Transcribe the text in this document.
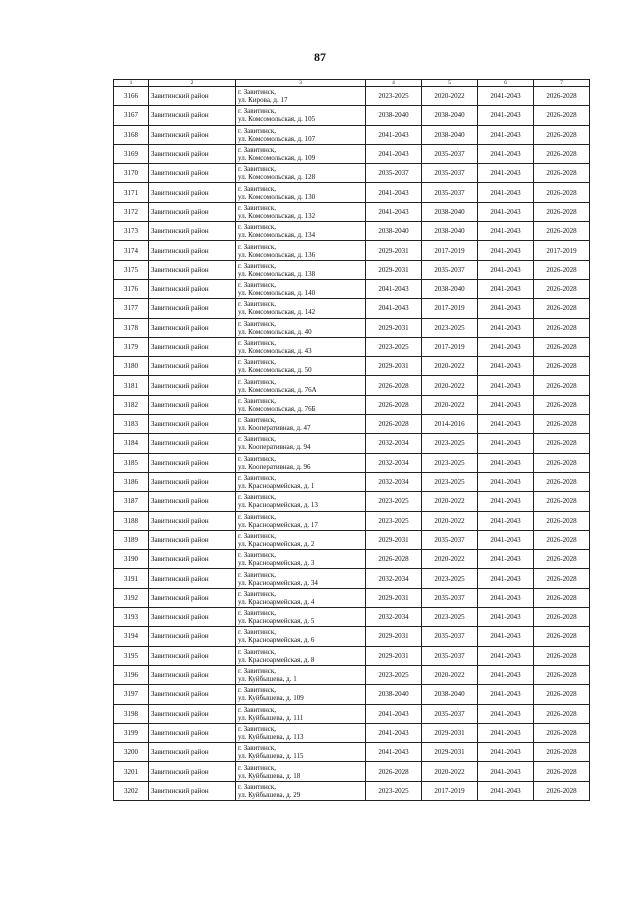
87
1	2	3	4	5	6	7
3166	Завитинский район	г. Завитинск,
ул. Кирова, д. 17	2023-2025	2020-2022	2041-2043	2026-2028
3167	Завитинский район	г. Завитинск,
ул. Комсомольская, д. 105	2038-2040	2038-2040	2041-2043	2026-2028
3168	Завитинский район	г. Завитинск,
ул. Комсомольская, д. 107	2041-2043	2038-2040	2041-2043	2026-2028
3169	Завитинский район	г. Завитинск,
ул. Комсомольская, д. 109	2041-2043	2035-2037	2041-2043	2026-2028
3170	Завитинский район	г. Завитинск,
ул. Комсомольская, д. 128	2035-2037	2035-2037	2041-2043	2026-2028
3171	Завитинский район	г. Завитинск,
ул. Комсомольская, д. 130	2041-2043	2035-2037	2041-2043	2026-2028
3172	Завитинский район	г. Завитинск,
ул. Комсомольская, д. 132	2041-2043	2038-2040	2041-2043	2026-2028
3173	Завитинский район	г. Завитинск,
ул. Комсомольская, д. 134	2038-2040	2038-2040	2041-2043	2026-2028
3174	Завитинский район	г. Завитинск,
ул. Комсомольская, д. 136	2029-2031	2017-2019	2041-2043	2017-2019
3175	Завитинский район	г. Завитинск,
ул. Комсомольская, д. 138	2029-2031	2035-2037	2041-2043	2026-2028
3176	Завитинский район	г. Завитинск,
ул. Комсомольская, д. 140	2041-2043	2038-2040	2041-2043	2026-2028
3177	Завитинский район	г. Завитинск,
ул. Комсомольская, д. 142	2041-2043	2017-2019	2041-2043	2026-2028
3178	Завитинский район	г. Завитинск,
ул. Комсомольская, д. 40	2029-2031	2023-2025	2041-2043	2026-2028
3179	Завитинский район	г. Завитинск,
ул. Комсомольская, д. 43	2023-2025	2017-2019	2041-2043	2026-2028
3180	Завитинский район	г. Завитинск,
ул. Комсомольская, д. 50	2029-2031	2020-2022	2041-2043	2026-2028
3181	Завитинский район	г. Завитинск,
ул. Комсомольская, д. 76А	2026-2028	2020-2022	2041-2043	2026-2028
3182	Завитинский район	г. Завитинск,
ул. Комсомольская, д. 76Б	2026-2028	2020-2022	2041-2043	2026-2028
3183	Завитинский район	г. Завитинск,
ул. Кооперативная, д. 47	2026-2028	2014-2016	2041-2043	2026-2028
3184	Завитинский район	г. Завитинск,
ул. Кооперативная, д. 94	2032-2034	2023-2025	2041-2043	2026-2028
3185	Завитинский район	г. Завитинск,
ул. Кооперативная, д. 96	2032-2034	2023-2025	2041-2043	2026-2028
3186	Завитинский район	г. Завитинск,
ул. Красноармейская, д. 1	2032-2034	2023-2025	2041-2043	2026-2028
3187	Завитинский район	г. Завитинск,
ул. Красноармейская, д. 13	2023-2025	2020-2022	2041-2043	2026-2028
3188	Завитинский район	г. Завитинск,
ул. Красноармейская, д. 17	2023-2025	2020-2022	2041-2043	2026-2028
3189	Завитинский район	г. Завитинск,
ул. Красноармейская, д. 2	2029-2031	2035-2037	2041-2043	2026-2028
3190	Завитинский район	г. Завитинск,
ул. Красноармейская, д. 3	2026-2028	2020-2022	2041-2043	2026-2028
3191	Завитинский район	г. Завитинск,
ул. Красноармейская, д. 34	2032-2034	2023-2025	2041-2043	2026-2028
3192	Завитинский район	г. Завитинск,
ул. Красноармейская, д. 4	2029-2031	2035-2037	2041-2043	2026-2028
3193	Завитинский район	г. Завитинск,
ул. Красноармейская, д. 5	2032-2034	2023-2025	2041-2043	2026-2028
3194	Завитинский район	г. Завитинск,
ул. Красноармейская, д. 6	2029-2031	2035-2037	2041-2043	2026-2028
3195	Завитинский район	г. Завитинск,
ул. Красноармейская, д. 8	2029-2031	2035-2037	2041-2043	2026-2028
3196	Завитинский район	г. Завитинск,
ул. Куйбышева, д. 1	2023-2025	2020-2022	2041-2043	2026-2028
3197	Завитинский район	г. Завитинск,
ул. Куйбышева, д. 109	2038-2040	2038-2040	2041-2043	2026-2028
3198	Завитинский район	г. Завитинск,
ул. Куйбышева, д. 111	2041-2043	2035-2037	2041-2043	2026-2028
3199	Завитинский район	г. Завитинск,
ул. Куйбышева, д. 113	2041-2043	2029-2031	2041-2043	2026-2028
3200	Завитинский район	г. Завитинск,
ул. Куйбышева, д. 115	2041-2043	2029-2031	2041-2043	2026-2028
3201	Завитинский район	г. Завитинск,
ул. Куйбышева, д. 18	2026-2028	2020-2022	2041-2043	2026-2028
3202	Завитинский район	г. Завитинск,
ул. Куйбышева, д. 29	2023-2025	2017-2019	2041-2043	2026-2028
